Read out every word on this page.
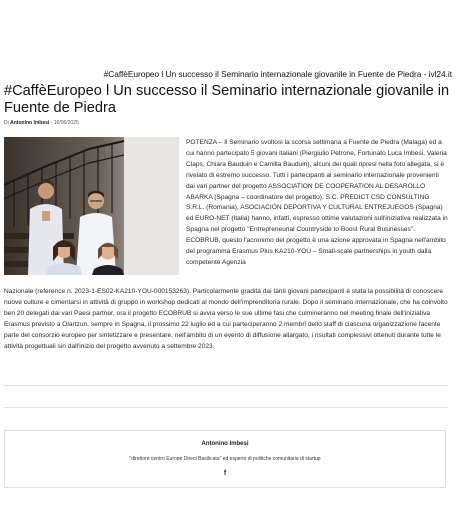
#CaffèEuropeo l Un successo il Seminario internazionale giovanile in Fuente de Piedra - ivl24.it
#CaffèEuropeo l Un successo il Seminario internazionale giovanile in Fuente de Piedra
Di Antonino Imbesi - 16/06/2025
POTENZA – Il Seminario svoltosi la scorsa settimana a Fuente de Piedra (Malaga) ed a cui hanno partecipato 5 giovani italiani (Piergiulio Petrone, Fortunato Luca Imbesi, Valeria Claps, Chiara Bauduin e Camilla Bauduin), alcuni dei quali ripresi nella foto allegata, si è rivelato di estremo successo. Tutti i partecipanti al seminario internazionale provenienti dai vari partner del progetto ASSOCIATION DE COOPERATION AL DESAROLLO ABARKA (Spagna – coordinatore del progetto), S.C. PREDICT CSD CONSULTING S.R.L. (Romania), ASOCIACIÓN DEPORTIVA Y CULTURAL ENTREJUEGOS (Spagna) ed EURO-NET (Italia) hanno, infatti, espresso ottime valutazioni sull'iniziativa realizzata in Spagna nel progetto "Entrepreneurial Countryside to Boost Rural Businesses". ECOBRUB, questo l'acronimo del progetto è una azione approvata in Spagna nell'ambito del programma Erasmus Plus KA210-YOU – Small-scale partnerships in youth dalla competente Agenzia
Nazionale (reference n. 2023-1-ES02-KA210-YOU-000153263). Particolarmente gradita dai tanti giovani partecipanti è stata la possibilità di conoscere nuove culture e cimentarsi in attività di gruppo in workshop dedicati al mondo dell'imprenditoria rurale. Dopo il seminario internazionale, che ha coinvolto ben 20 delegati dai vari Paesi partner, ora il progetto ECOBRUB si avvia verso le sue ultime fasi che culmineranno nel meeting finale dell'iniziativa Erasmus previsto a Olartzun, sempre in Spagna, il prossimo 22 luglio ed a cui parteciperanno 2 membri dello staff di ciascuna organizzazione facente parte del consorzio europeo per sintetizzare e presentare, nell'ambito di un evento di diffusione allargato, i risultati complessivi ottenuti durante tutte le attività progettuali sin dall'inizio del progetto avvenuto a settembre 2023.
Antonino Imbesi
"direttore centro Europe Direct Basilicata" ed esperto di politiche comunitarie di startup
f
